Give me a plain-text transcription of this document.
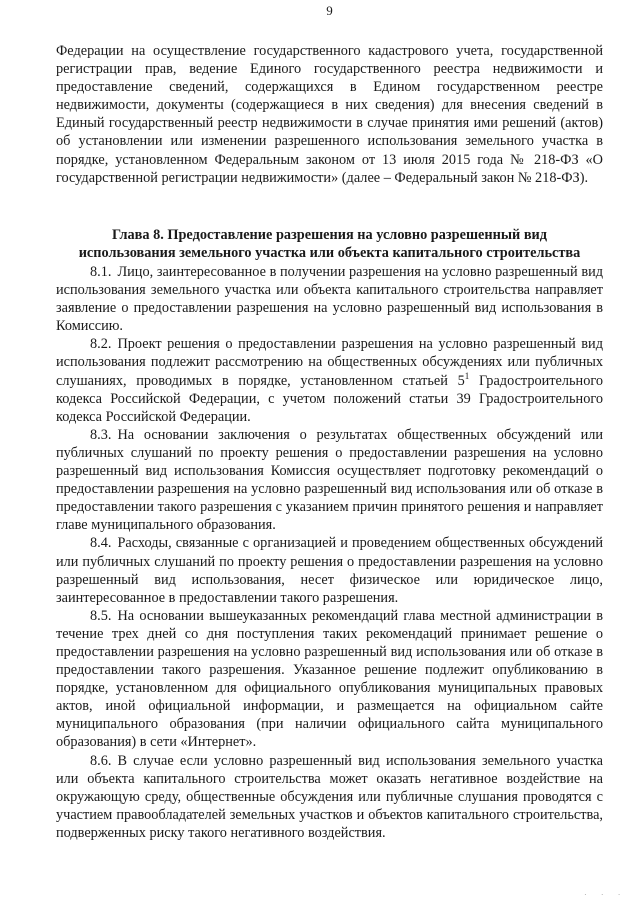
9

Федерации на осуществление государственного кадастрового учета, государственной регистрации прав, ведение Единого государственного реестра недвижимости и предоставление сведений, содержащихся в Едином государственном реестре недвижимости, документы (содержащиеся в них сведения) для внесения сведений в Единый государственный реестр недвижимости в случае принятия ими решений (актов) об установлении или изменении разрешенного использования земельного участка в порядке, установленном Федеральным законом от 13 июля 2015 года № 218-ФЗ «О государственной регистрации недвижимости» (далее – Федеральный закон № 218-ФЗ).

Глава 8. Предоставление разрешения на условно разрешенный вид
использования земельного участка или объекта капитального строительства

8.1. Лицо, заинтересованное в получении разрешения на условно разрешенный вид использования земельного участка или объекта капитального строительства направляет заявление о предоставлении разрешения на условно разрешенный вид использования в Комиссию.

8.2. Проект решения о предоставлении разрешения на условно разрешенный вид использования подлежит рассмотрению на общественных обсуждениях или публичных слушаниях, проводимых в порядке, установленном статьей $5^1$ Градостроительного кодекса Российской Федерации, с учетом положений статьи 39 Градостроительного кодекса Российской Федерации.

8.3. На основании заключения о результатах общественных обсуждений или публичных слушаний по проекту решения о предоставлении разрешения на условно разрешенный вид использования Комиссия осуществляет подготовку рекомендаций о предоставлении разрешения на условно разрешенный вид использования или об отказе в предоставлении такого разрешения с указанием причин принятого решения и направляет главе муниципального образования.

8.4. Расходы, связанные с организацией и проведением общественных обсуждений или публичных слушаний по проекту решения о предоставлении разрешения на условно разрешенный вид использования, несет физическое или юридическое лицо, заинтересованное в предоставлении такого разрешения.

8.5. На основании вышеуказанных рекомендаций глава местной администрации в течение трех дней со дня поступления таких рекомендаций принимает решение о предоставлении разрешения на условно разрешенный вид использования или об отказе в предоставлении такого разрешения. Указанное решение подлежит опубликованию в порядке, установленном для официального опубликования муниципальных правовых актов, иной официальной информации, и размещается на официальном сайте муниципального образования (при наличии официального сайта муниципального образования) в сети «Интернет».

8.6. В случае если условно разрешенный вид использования земельного участка или объекта капитального строительства может оказать негативное воздействие на окружающую среду, общественные обсуждения или публичные слушания проводятся с участием правообладателей земельных участков и объектов капитального строительства, подверженных риску такого негативного воздействия.

· · ·
